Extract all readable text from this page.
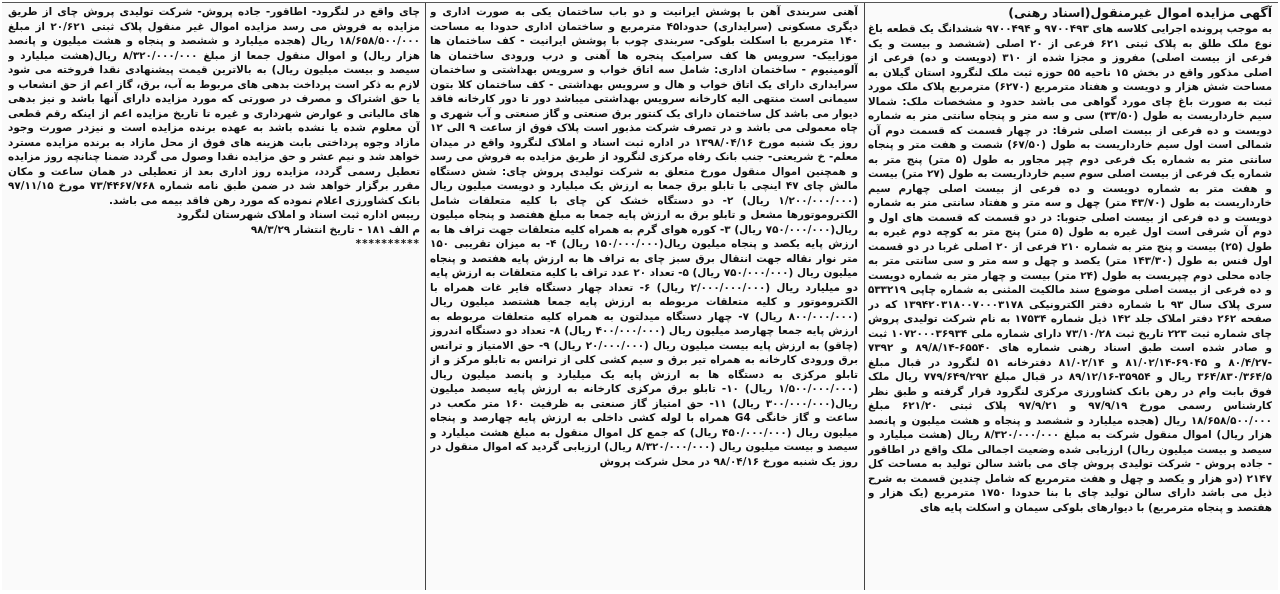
آگهی مزایده اموال غیرمنقول(اسناد رهنی)

به موجب پرونده اجرایی کلاسه های ۹۷۰۰۴۹۳ و ۹۷۰۰۴۹۴ ششدانگ یک قطعه باغ نوع ملک طلق به پلاک ثبتی ۶۲۱ فرعی از ۲۰ اصلی (ششصد و بیست و یک فرعی از بیست اصلی) مفروز و مجزا شده از ۳۱۰ (دویست و ده) فرعی از اصلی مذکور واقع در بخش ۱۵ ناحیه ۵۵ حوزه ثبت ملک لنگرود استان گیلان به مساحت شش هزار و دویست و هفتاد مترمربع (۶۲۷۰) مترمربع پلاک ملک مورد ثبت به صورت باغ چای مورد گواهی می باشد حدود و مشخصات ملک: شمالا سیم خارداریست به طول (۳۳/۵۰) سی و سه متر و پنجاه سانتی متر به شماره دویست و ده فرعی از بیست اصلی شرقا: در چهار قسمت که قسمت دوم آن شمالی است اول سیم خارداریست به طول (۶۷/۵۰) شصت و هفت متر و پنجاه سانتی متر به شماره یک فرعی دوم چپر مجاور به طول (۵ متر) پنج متر به شماره یک فرعی از بیست اصلی سوم سیم خارداریست به طول (۲۷ متر) بیست و هفت متر به شماره دویست و ده فرعی از بیست اصلی چهارم سیم خارداریست به طول (۴۳/۷۰ متر) چهل و سه متر و هفتاد سانتی متر به شماره دویست و ده فرعی از بیست اصلی جنوبا: در دو قسمت که قسمت های اول و دوم آن شرقی است اول غیره به طول (۵ متر) پنج متر به کوچه دوم غیره به طول (۲۵) بیست و پنج متر به شماره ۲۱۰ فرعی از ۲۰ اصلی غربا در دو قسمت اول فنس به طول (۱۴۳/۳۰ متر) یکصد و چهل و سه متر و سی سانتی متر به جاده محلی دوم چپریست به طول (۲۴ متر) بیست و چهار متر به شماره دویست و ده فرعی از بیست اصلی موضوع سند مالکیت المثنی به شماره چاپی ۵۳۳۲۱۹ سری پلاک سال ۹۳ با شماره دفتر الکترونیکی ۱۳۹۴۲۰۳۱۸۰۰۷۰۰۰۳۱۷۸ که در صفحه ۲۶۲ دفتر املاک جلد ۱۴۲ ذیل شماره ۱۷۵۳۴ به نام شرکت تولیدی پروش چای شماره ثبت ۲۲۳ تاریخ ثبت ۷۳/۱۰/۲۸ دارای شماره ملی ۱۰۷۲۰۰۰۳۶۹۳۴ ثبت و صادر شده است طبق اسناد رهنی شماره های ۶۵۵۴۰-۸۹/۸/۱۴ و ۷۳۹۲ -۸۰/۴/۲۷ و ۶۹۰۴۵-۸۱/۰۲/۱۴ و ۸۱/۰۲/۱۴ دفترخانه ۵۱ لنگرود در قبال مبلغ ۳۶۴/۸۳۰/۳۶۴/۵ ریال و ۳۵۹۵۴-۸۹/۱۲/۱۶ در قبال مبلغ ۷۷۹/۶۴۹/۲۹۲ ریال ملک فوق بابت وام در رهن بانک کشاورزی مرکزی لنگرود قرار گرفته و طبق نظر کارشناس رسمی مورخ ۹۷/۹/۱۹ و ۹۷/۹/۲۱ پلاک ثبتی ۶۲۱/۲۰ مبلغ ۱۸/۶۵۸/۵۰۰/۰۰۰ ریال (هجده میلیارد و ششصد و پنجاه و هشت میلیون و پانصد هزار ریال) اموال منقول شرکت به مبلغ ۸/۳۲۰/۰۰۰/۰۰۰ ریال (هشت میلیارد و سیصد و بیست میلیون ریال) ارزیابی شده وضعیت اجمالی ملک واقع در اطاقور - جاده پروش - شرکت تولیدی پروش چای می باشد سالن تولید به مساحت کل ۲۱۴۷ (دو هزار و یکصد و چهل و هفت مترمربع که شامل چندین قسمت به شرح ذیل می باشد دارای سالن تولید چای با بنا حدودا ۱۷۵۰ مترمربع (یک هزار و هفتصد و پنجاه مترمربع) با دیوارهای بلوکی سیمان و اسکلت پایه های

آهنی سربندی آهن با پوشش ایرانیت و دو باب ساختمان یکی به صورت اداری و دیگری مسکونی (سرایداری) حدودا۴۵ مترمربع و ساختمان اداری حدودا به مساحت ۱۴۰ مترمربع با اسکلت بلوکی- سربندی چوب با پوشش ایرانیت - کف ساختمان ها موزاییک- سرویس ها کف سرامیک پنجره ها آهنی و درب ورودی ساختمان ها آلومینیوم - ساختمان اداری: شامل سه اتاق خواب و سرویس بهداشتی و ساختمان سرایداری دارای یک اتاق خواب و هال و سرویس بهداشتی - کف ساختمان کلا بتون سیمانی است منتهی الیه کارخانه سرویس بهداشتی میباشد دور تا دور کارخانه فاقد دیوار می باشد کل ساختمان دارای یک کنتور برق صنعتی و گاز صنعتی و آب شهری و چاه معمولی می باشد و در تصرف شرکت مذبور است پلاک فوق از ساعت ۹ الی ۱۲ روز یک شنبه مورخ ۱۳۹۸/۰۴/۱۶ در اداره ثبت اسناد و املاک لنگرود واقع در میدان معلم- خ شریعتی- جنب بانک رفاه مرکزی لنگرود از طریق مزایده به فروش می رسد و همچنین اموال منقول مورخ متعلق به شرکت تولیدی پروش چای: شش دستگاه مالش چای ۴۷ اینچی با تابلو برق جمعا به ارزش یک میلیارد و دویست میلیون ریال (۱/۲۰۰/۰۰۰/۰۰۰ ریال) ۲- دو دستگاه خشک کن چای با کلیه متعلقات شامل الکتروموتورها مشعل و تابلو برق به ارزش پایه جمعا به مبلغ هفتصد و پنجاه میلیون ریال(۷۵۰/۰۰۰/۰۰۰ ریال) ۳- کوره هوای گرم به همراه کلیه متعلقات جهت تراف ها به ارزش پایه یکصد و پنجاه میلیون ریال(۱۵۰/۰۰۰/۰۰۰ ریال) ۴- به میزان تقریبی ۱۵۰ متر نوار نقاله جهت انتقال برق سبز چای به تراف ها به ارزش پایه هفتصد و پنجاه میلیون ریال (۷۵۰/۰۰۰/۰۰۰ ریال) ۵- تعداد ۲۰ عدد تراف با کلیه متعلقات به ارزش پایه دو میلیارد ریال (۲/۰۰۰/۰۰۰/۰۰۰ ریال) ۶- تعداد چهار دستگاه فایر غات همراه با الکتروموتور و کلیه متعلقات مربوطه به ارزش پایه جمعا هشتصد میلیون ریال (۸۰۰/۰۰۰/۰۰۰ ریال) ۷- چهار دستگاه میدلتون به همراه کلیه متعلقات مربوطه به ارزش پایه جمعا چهارصد میلیون ریال (۴۰۰/۰۰۰/۰۰۰ ریال) ۸- تعداد دو دستگاه اندروز (چاقو) به ارزش پایه بیست میلیون ریال (۲۰/۰۰۰/۰۰۰ ریال) ۹- حق الامتیاز و ترانس برق ورودی کارخانه به همراه تیر برق و سیم کشی کلی از ترانس به تابلو مرکز و از تابلو مرکزی به دستگاه ها به ارزش پایه یک میلیارد و پانصد میلیون ریال (۱/۵۰۰/۰۰۰/۰۰۰ ریال) ۱۰- تابلو برق مرکزی کارخانه به ارزش پایه سیصد میلیون ریال(۳۰۰/۰۰۰/۰۰۰ ریال) ۱۱- حق امتیاز گاز صنعتی به ظرفیت ۱۶۰ متر مکعب در ساعت و گاز خانگی G4 همراه با لوله کشی داخلی به ارزش پایه چهارصد و پنجاه میلیون ریال (۴۵۰/۰۰۰/۰۰۰ ریال) که جمع کل اموال منقول به مبلغ هشت میلیارد و سیصد و بیست میلیون ریال (۸/۳۲۰/۰۰۰/۰۰۰ ریال) ارزیابی گردید که اموال منقول در روز یک شنبه مورخ ۹۸/۰۴/۱۶ در محل شرکت پروش

چای واقع در لنگرود- اطاقور- جاده پروش- شرکت تولیدی پروش چای از طریق مزایده به فروش می رسد مزایده اموال غیر منقول پلاک ثبتی ۲۰/۶۲۱ از مبلغ ۱۸/۶۵۸/۵۰۰/۰۰۰ ریال (هجده میلیارد و ششصد و پنجاه و هشت میلیون و پانصد هزار ریال) و اموال منقول جمعا از مبلغ ۸/۳۲۰/۰۰۰/۰۰۰ ریال(هشت میلیارد و سیصد و بیست میلیون ریال) به بالاترین قیمت پیشنهادی نقدا فروخته می شود لازم به ذکر است پرداخت بدهی های مربوط به آب، برق، گاز اعم از حق انشعاب و یا حق اشتراک و مصرف در صورتی که مورد مزایده دارای آنها باشد و نیز بدهی های مالیاتی و عوارض شهرداری و غیره تا تاریخ مزایده اعم از اینکه رقم قطعی آن معلوم شده یا نشده باشد به عهده برنده مزایده است و نیزدر صورت وجود مازاد وجوه پرداختی بابت هزینه های فوق از محل مازاد به برنده مزایده مسترد خواهد شد و نیم عشر و حق مزایده نقدا وصول می گردد ضمنا چنانچه روز مزایده تعطیل رسمی گردد، مزایده روز اداری بعد از تعطیلی در همان ساعت و مکان مقرر برگزار خواهد شد در ضمن طبق نامه شماره ۷۳/۴۴۶۷/۷۶۸ مورخ ۹۷/۱۱/۱۵ بانک کشاورزی اعلام نموده که مورد رهن فاقد بیمه می باشد.

رییس اداره ثبت اسناد و املاک شهرستان لنگرود

م الف ۱۸۱ - تاریخ انتشار ۹۸/۳/۲۹

**********
